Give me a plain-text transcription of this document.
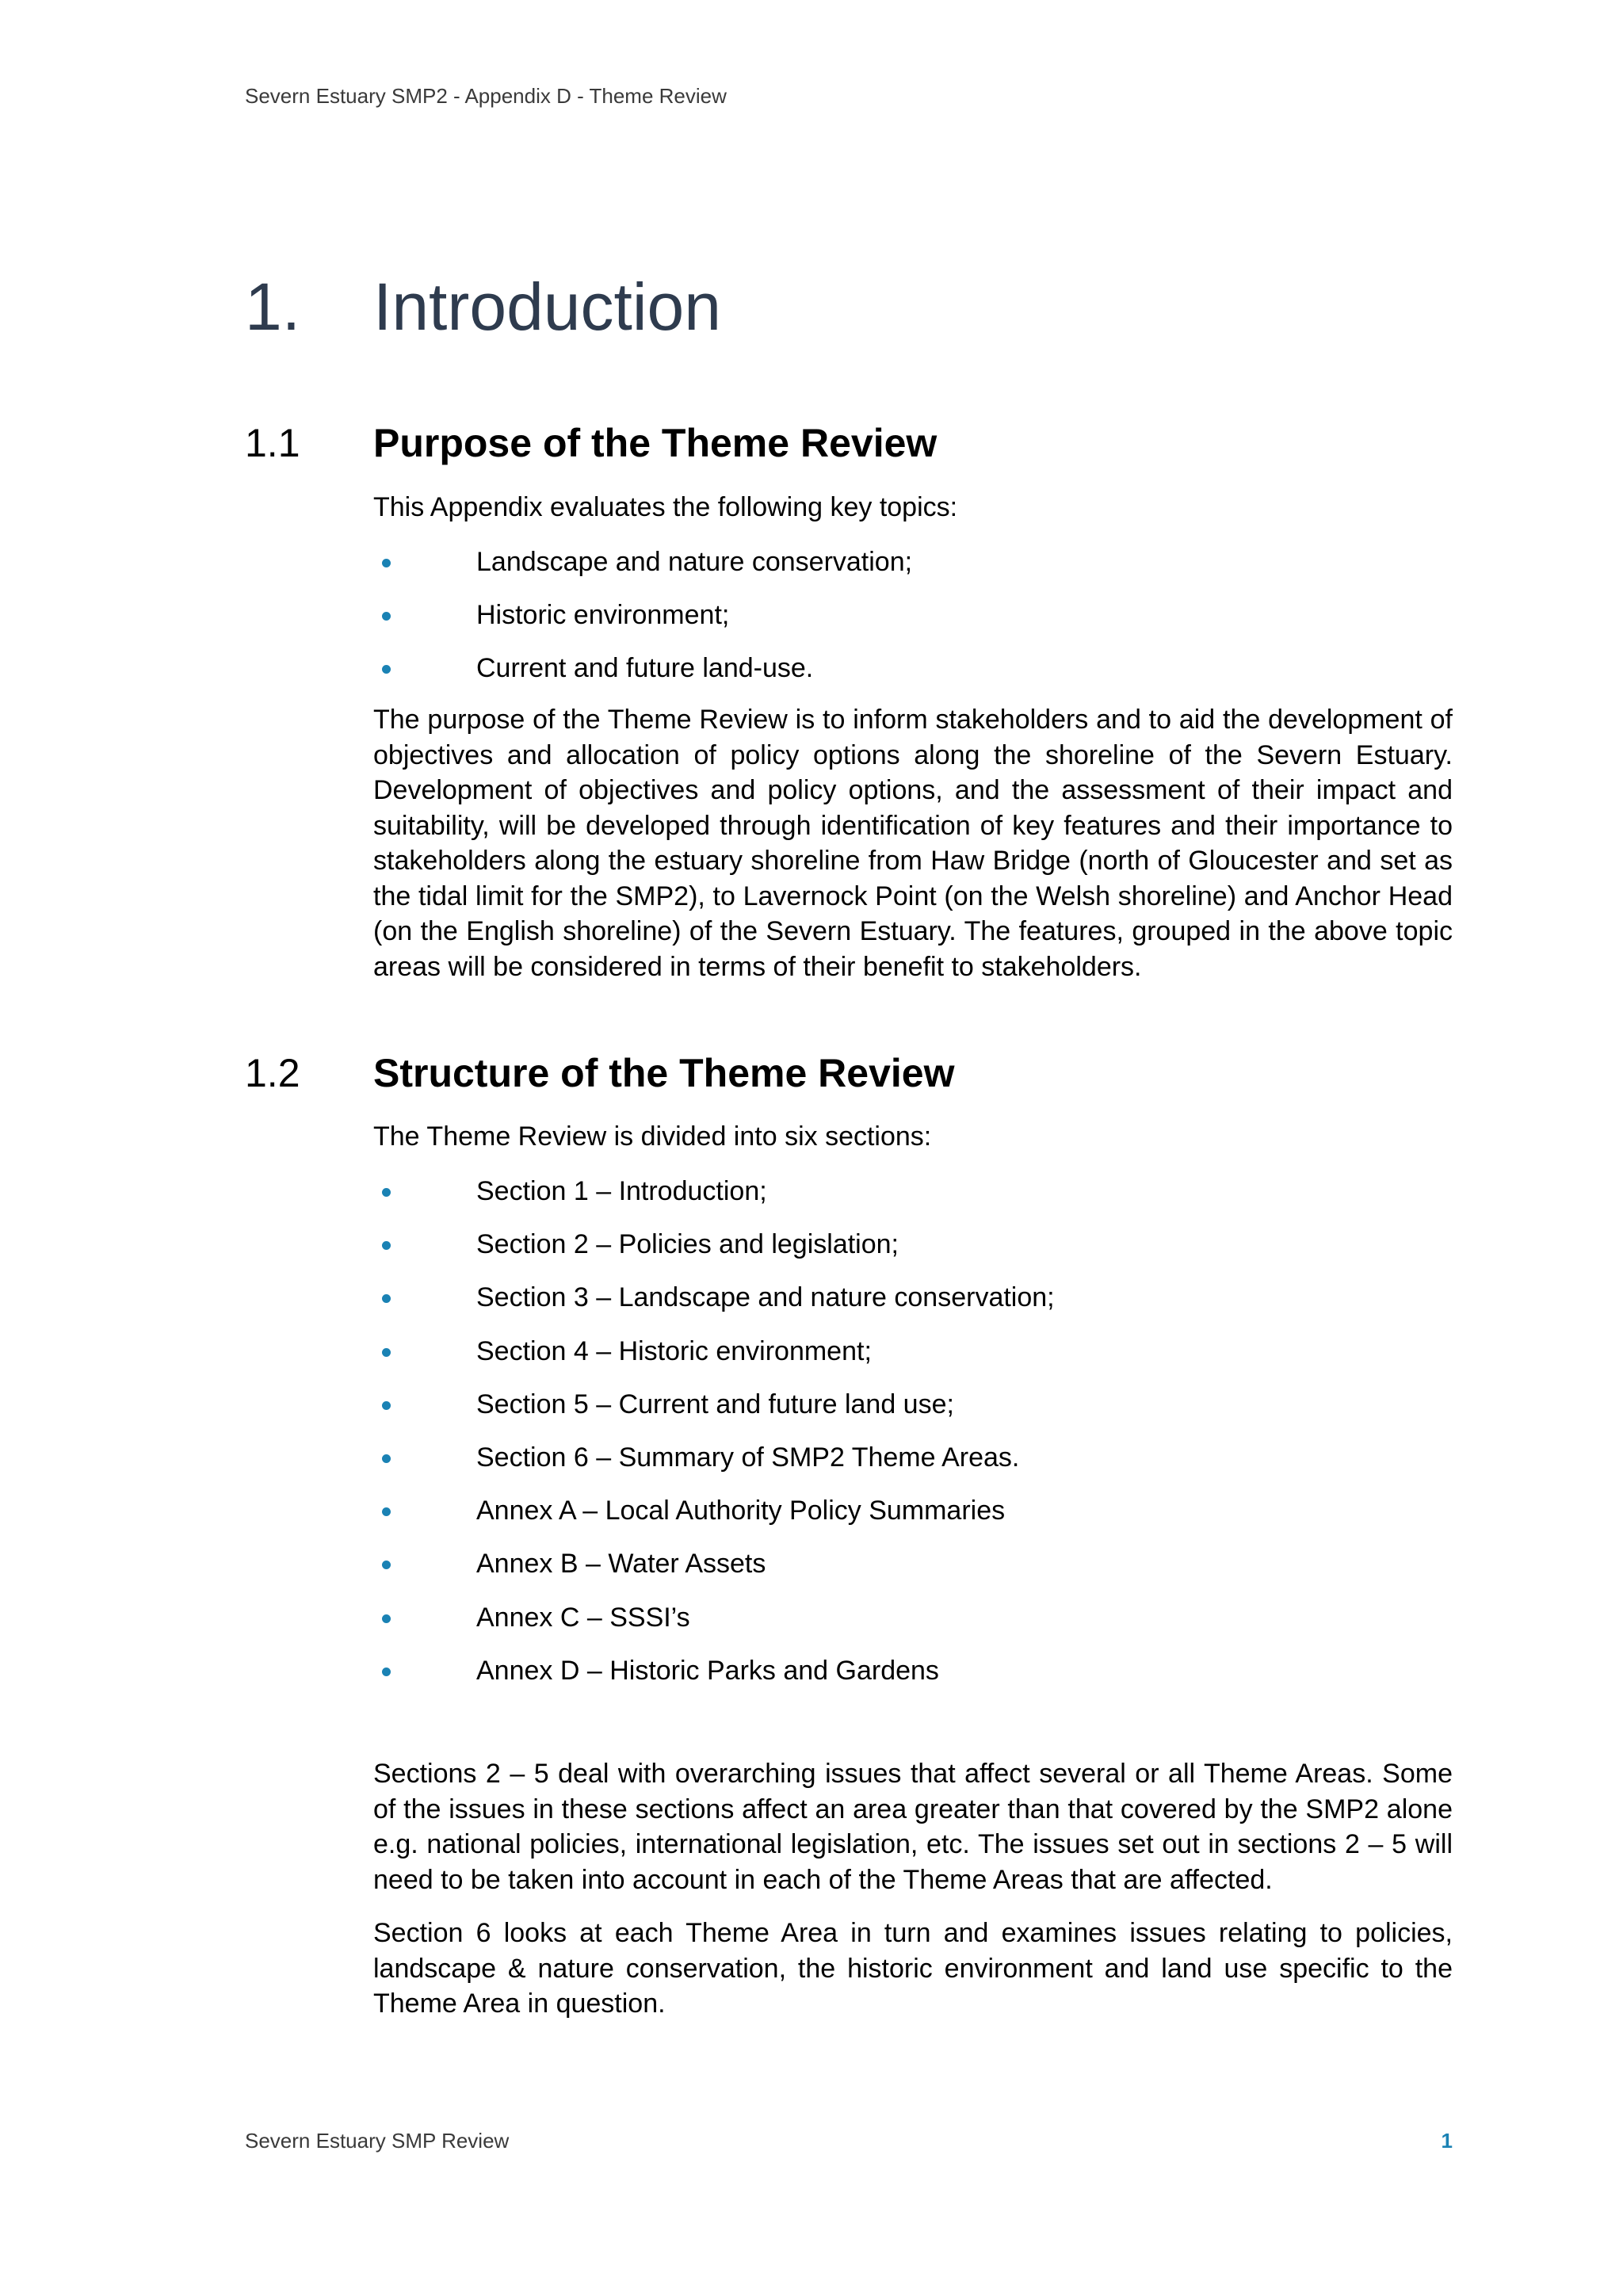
Severn Estuary SMP2 - Appendix D - Theme Review
1. Introduction
1.1 Purpose of the Theme Review

This Appendix evaluates the following key topics:

Landscape and nature conservation;
Historic environment;
Current and future land-use.

The purpose of the Theme Review is to inform stakeholders and to aid the development of objectives and allocation of policy options along the shoreline of the Severn Estuary. Development of objectives and policy options, and the assessment of their impact and suitability, will be developed through identification of key features and their importance to stakeholders along the estuary shoreline from Haw Bridge (north of Gloucester and set as the tidal limit for the SMP2), to Lavernock Point (on the Welsh shoreline) and Anchor Head (on the English shoreline) of the Severn Estuary. The features, grouped in the above topic areas will be considered in terms of their benefit to stakeholders.

1.2 Structure of the Theme Review

The Theme Review is divided into six sections:

Section 1 – Introduction;
Section 2 – Policies and legislation;
Section 3 – Landscape and nature conservation;
Section 4 – Historic environment;
Section 5 – Current and future land use;
Section 6 – Summary of SMP2 Theme Areas.
Annex A – Local Authority Policy Summaries
Annex B – Water Assets
Annex C – SSSI’s
Annex D – Historic Parks and Gardens

Sections 2 – 5 deal with overarching issues that affect several or all Theme Areas. Some of the issues in these sections affect an area greater than that covered by the SMP2 alone e.g. national policies, international legislation, etc. The issues set out in sections 2 – 5 will need to be taken into account in each of the Theme Areas that are affected.

Section 6 looks at each Theme Area in turn and examines issues relating to policies, landscape & nature conservation, the historic environment and land use specific to the Theme Area in question.

Severn Estuary SMP Review	1
